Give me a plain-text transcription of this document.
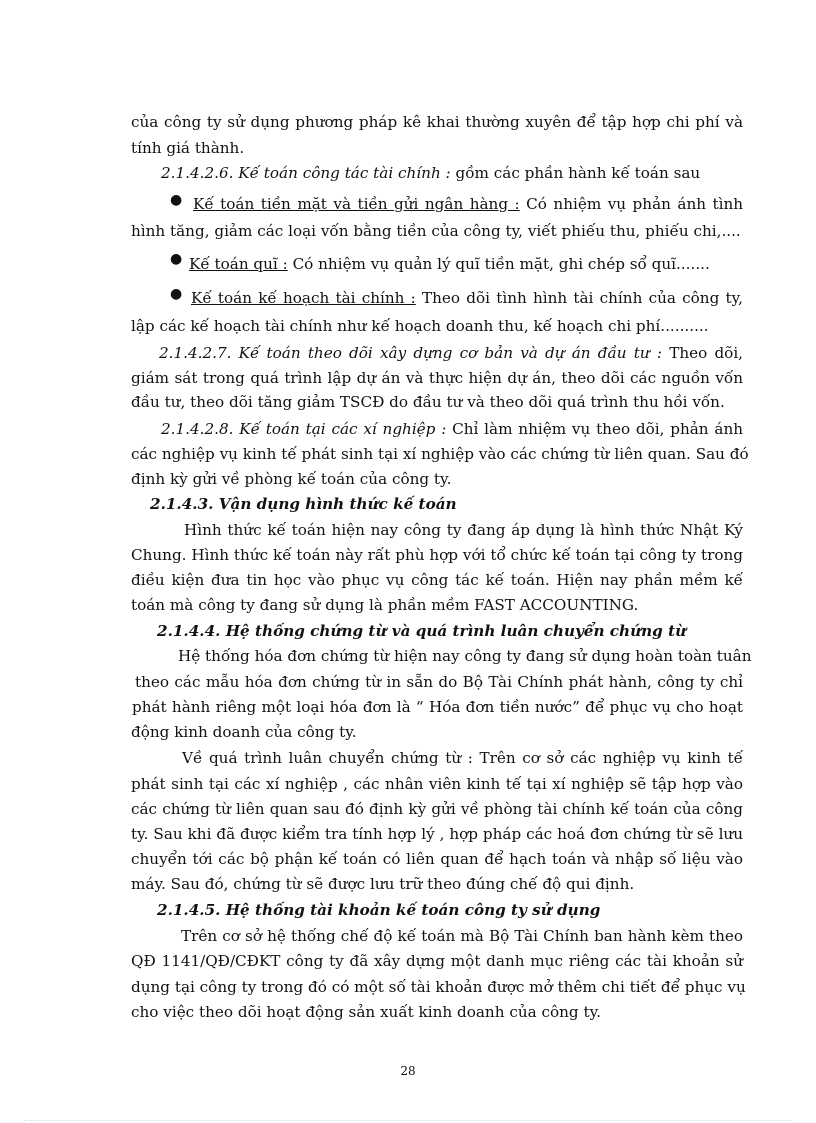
của công ty sử dụng phương pháp kê khai thường xuyên để tập hợp chi phí và
tính giá thành.
2.1.4.2.6. Kế toán công tác tài chính : gồm các phần hành kế toán sau
● Kế toán tiền mặt và tiền gửi ngân hàng : Có nhiệm vụ phản ánh tình
hình tăng, giảm các loại vốn bằng tiền của công ty, viết phiếu thu, phiếu chi,....
● Kế toán quĩ : Có nhiệm vụ quản lý quĩ tiền mặt, ghi chép sổ quĩ.......
● Kế toán kế hoạch tài chính : Theo dõi tình hình tài chính của công ty,
lập các kế hoạch tài chính như kế hoạch doanh thu, kế hoạch chi phí..........
2.1.4.2.7. Kế toán theo dõi xây dựng cơ bản và dự án đầu tư : Theo dõi,
giám sát trong quá trình lập dự án và thực hiện dự án, theo dõi các nguồn vốn
đầu tư, theo dõi tăng giảm TSCĐ do đầu tư và theo dõi quá trình thu hồi vốn.
2.1.4.2.8. Kế toán tại các xí nghiệp : Chỉ làm nhiệm vụ theo dõi, phản ánh
các nghiệp vụ kinh tế phát sinh tại xí nghiệp vào các chứng từ liên quan. Sau đó
định kỳ gửi về phòng kế toán của công ty.
2.1.4.3. Vận dụng hình thức kế toán
Hình thức kế toán hiện nay công ty đang áp dụng là hình thức Nhật Ký
Chung. Hình thức kế toán này rất phù hợp với tổ chức kế toán tại công ty trong
điều kiện đưa tin học vào phục vụ công tác kế toán. Hiện nay phần mềm kế
toán mà công ty đang sử dụng là phần mềm FAST ACCOUNTING.
2.1.4.4. Hệ thống chứng từ và quá trình luân chuyển chứng từ
Hệ thống hóa đơn chứng từ hiện nay công ty đang sử dụng hoàn toàn tuân
theo các mẫu hóa đơn chứng từ in sẵn do Bộ Tài Chính phát hành, công ty chỉ
phát hành riêng một loại hóa đơn là “ Hóa đơn tiền nước” để phục vụ cho hoạt
động kinh doanh của công ty.
Về quá trình luân chuyển chứng từ : Trên cơ sở các nghiệp vụ kinh tế
phát sinh tại các xí nghiệp , các nhân viên kinh tế tại xí nghiệp sẽ tập hợp vào
các chứng từ liên quan sau đó định kỳ gửi về phòng tài chính kế toán của công
ty. Sau khi đã được kiểm tra tính hợp lý , hợp pháp các hoá đơn chứng từ sẽ lưu
chuyển tới các bộ phận kế toán có liên quan để hạch toán và nhập số liệu vào
máy. Sau đó, chứng từ sẽ được lưu trữ theo đúng chế độ qui định.
2.1.4.5. Hệ thống tài khoản kế toán công ty sử dụng
Trên cơ sở hệ thống chế độ kế toán mà Bộ Tài Chính ban hành kèm theo
QĐ 1141/QĐ/CĐKT công ty đã xây dựng một danh mục riêng các tài khoản sử
dụng tại công ty trong đó có một số tài khoản được mở thêm chi tiết để phục vụ
cho việc theo dõi hoạt động sản xuất kinh doanh của công ty.
28
